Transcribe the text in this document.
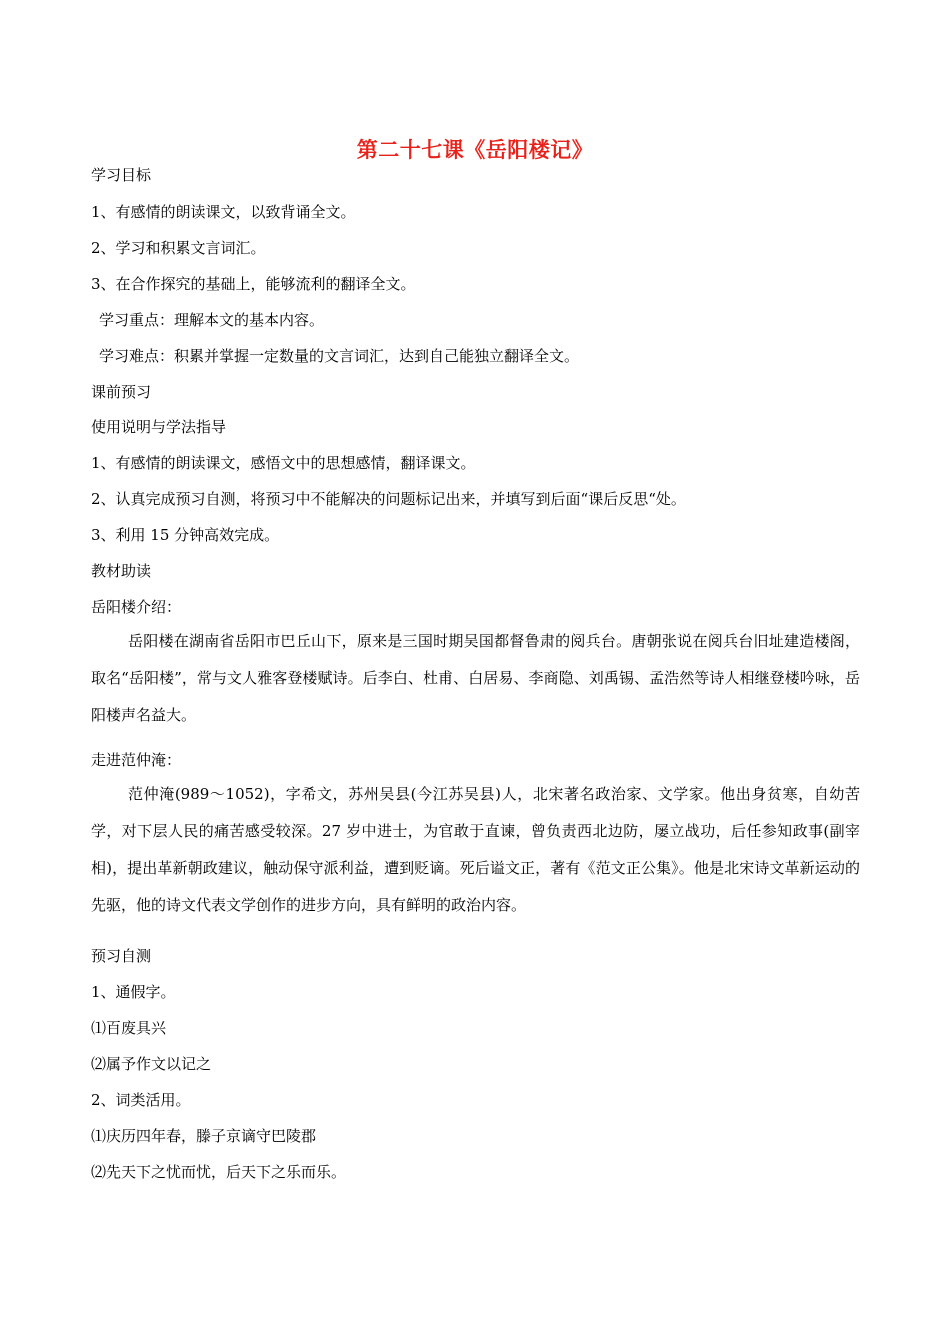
第二十七课《岳阳楼记》
学习目标
1、有感情的朗读课文，以致背诵全文。
2、学习和积累文言词汇。
3、在合作探究的基础上，能够流利的翻译全文。
学习重点：理解本文的基本内容。
学习难点：积累并掌握一定数量的文言词汇，达到自己能独立翻译全文。
课前预习
使用说明与学法指导
1、有感情的朗读课文，感悟文中的思想感情，翻译课文。
2、认真完成预习自测，将预习中不能解决的问题标记出来，并填写到后面“课后反思“处。
3、利用 15 分钟高效完成。
教材助读
岳阳楼介绍：
岳阳楼在湖南省岳阳市巴丘山下，原来是三国时期吴国都督鲁肃的阅兵台。唐朝张说在阅兵台旧址建造楼阁，取名“岳阳楼”，常与文人雅客登楼赋诗。后李白、杜甫、白居易、李商隐、刘禹锡、孟浩然等诗人相继登楼吟咏，岳阳楼声名益大。
走进范仲淹：
范仲淹(989～1052)，字希文，苏州吴县(今江苏吴县)人，北宋著名政治家、文学家。他出身贫寒，自幼苦学，对下层人民的痛苦感受较深。27 岁中进士，为官敢于直谏，曾负责西北边防，屡立战功，后任参知政事(副宰相)，提出革新朝政建议，触动保守派利益，遭到贬谪。死后谥文正，著有《范文正公集》。他是北宋诗文革新运动的先驱，他的诗文代表文学创作的进步方向，具有鲜明的政治内容。
预习自测
1、通假字。
⑴百废具兴
⑵属予作文以记之
2、词类活用。
⑴庆历四年春，滕子京谪守巴陵郡
⑵先天下之忧而忧，后天下之乐而乐。
